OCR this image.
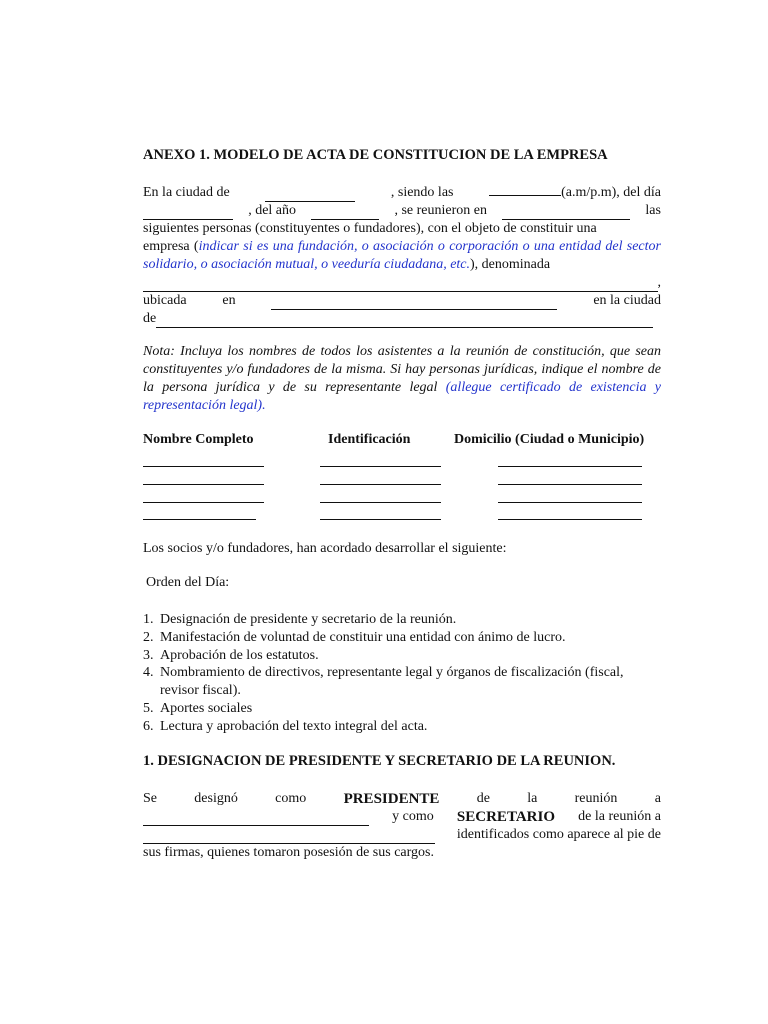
ANEXO 1. MODELO DE ACTA DE CONSTITUCION DE LA EMPRESA
En la ciudad de	, siendo las	(a.m/p.m), del día
, del año	, se reunieron en	las
siguientes personas (constituyentes o fundadores), con el objeto de constituir una
empresa (indicar si es una fundación, o asociación o corporación o una entidad del sector solidario, o asociación mutual, o veeduría ciudadana, etc.), denominada
,
ubicada	en	en la ciudad
de
Nota: Incluya los nombres de todos los asistentes a la reunión de constitución, que sean constituyentes y/o fundadores de la misma. Si hay personas jurídicas, indique el nombre de la persona jurídica y de su representante legal (allegue certificado de existencia y representación legal).
Nombre Completo	Identificación	Domicilio (Ciudad o Municipio)
Los socios y/o fundadores, han acordado desarrollar el siguiente:
Orden del Día:
1. Designación de presidente y secretario de la reunión.
2. Manifestación de voluntad de constituir una entidad con ánimo de lucro.
3. Aprobación de los estatutos.
4. Nombramiento de directivos, representante legal y órganos de fiscalización (fiscal, revisor fiscal).
5. Aportes sociales
6. Lectura y aprobación del texto integral del acta.
1. DESIGNACION DE PRESIDENTE Y SECRETARIO DE LA REUNION.
Se	designó	como PRESIDENTE	de	la	reunión	a
y como SECRETARIO de la reunión a
identificados como aparece al pie de
sus firmas, quienes tomaron posesión de sus cargos.
